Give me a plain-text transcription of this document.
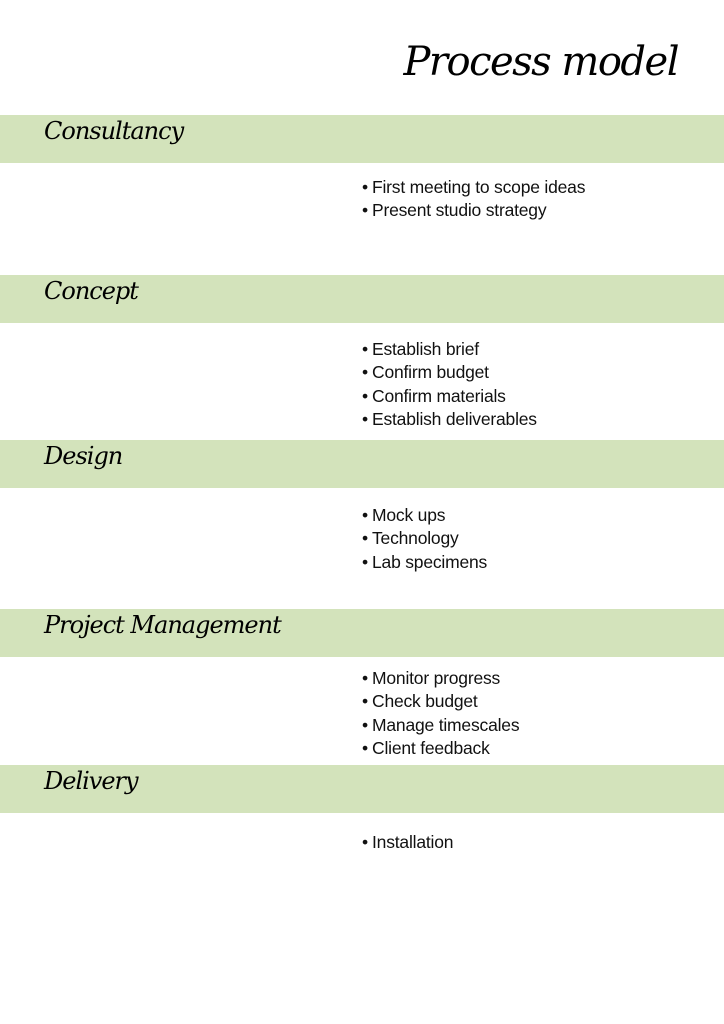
Process model
Consultancy
• First meeting to scope ideas
• Present studio strategy
Concept
• Establish brief
• Confirm budget
• Confirm materials
• Establish deliverables
Design
• Mock ups
• Technology
• Lab specimens
Project Management
• Monitor progress
• Check budget
• Manage timescales
• Client feedback
Delivery
• Installation
